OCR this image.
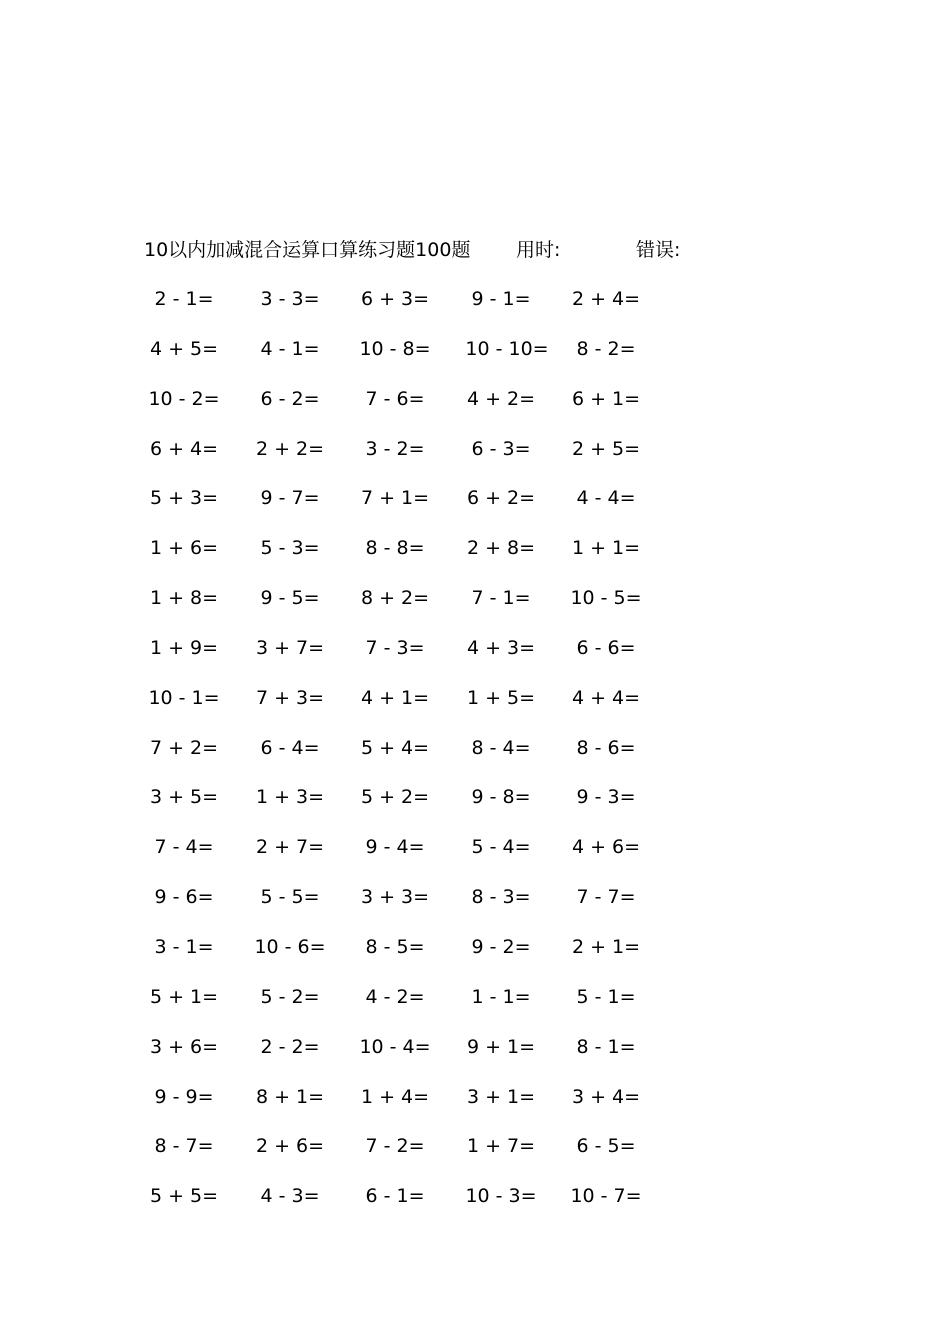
10以内加减混合运算口算练习题100题 用时:	错误:
2 - 1=	3 - 3=	6 + 3=	9 - 1=	2 + 4=
4 + 5=	4 - 1=	10 - 8=	10 - 10=	8 - 2=
10 - 2=	6 - 2=	7 - 6=	4 + 2=	6 + 1=
6 + 4=	2 + 2=	3 - 2=	6 - 3=	2 + 5=
5 + 3=	9 - 7=	7 + 1=	6 + 2=	4 - 4=
1 + 6=	5 - 3=	8 - 8=	2 + 8=	1 + 1=
1 + 8=	9 - 5=	8 + 2=	7 - 1=	10 - 5=
1 + 9=	3 + 7=	7 - 3=	4 + 3=	6 - 6=
10 - 1=	7 + 3=	4 + 1=	1 + 5=	4 + 4=
7 + 2=	6 - 4=	5 + 4=	8 - 4=	8 - 6=
3 + 5=	1 + 3=	5 + 2=	9 - 8=	9 - 3=
7 - 4=	2 + 7=	9 - 4=	5 - 4=	4 + 6=
9 - 6=	5 - 5=	3 + 3=	8 - 3=	7 - 7=
3 - 1=	10 - 6=	8 - 5=	9 - 2=	2 + 1=
5 + 1=	5 - 2=	4 - 2=	1 - 1=	5 - 1=
3 + 6=	2 - 2=	10 - 4=	9 + 1=	8 - 1=
9 - 9=	8 + 1=	1 + 4=	3 + 1=	3 + 4=
8 - 7=	2 + 6=	7 - 2=	1 + 7=	6 - 5=
5 + 5=	4 - 3=	6 - 1=	10 - 3=	10 - 7=
